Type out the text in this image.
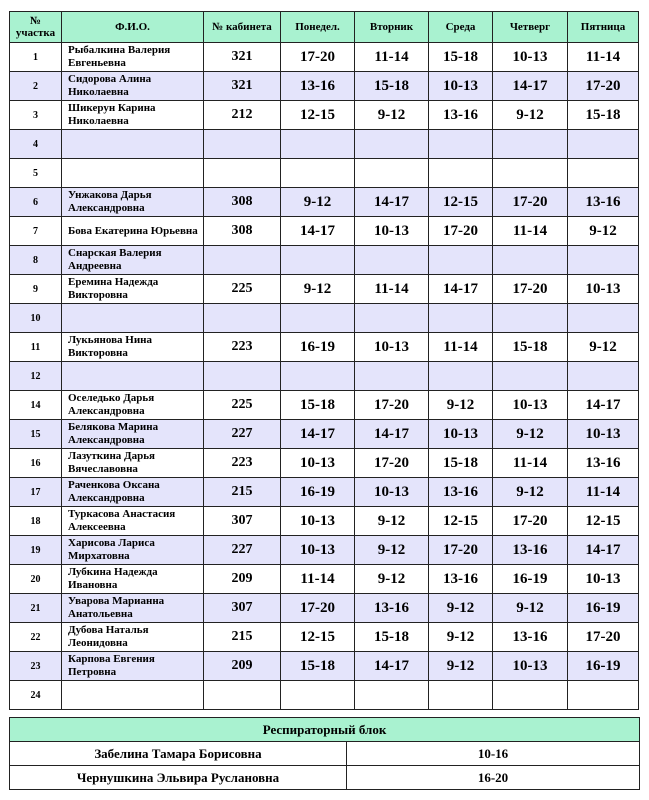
№ участка	Ф.И.О.	№ кабинета	Понедел.	Вторник	Среда	Четверг	Пятница
1	Рыбалкина Валерия Евгеньевна	321	17-20	11-14	15-18	10-13	11-14
2	Сидорова Алина Николаевна	321	13-16	15-18	10-13	14-17	17-20
3	Шикерун Карина Николаевна	212	12-15	9-12	13-16	9-12	15-18
4							
5							
6	Унжакова Дарья Александровна	308	9-12	14-17	12-15	17-20	13-16
7	Бова Екатерина Юрьевна	308	14-17	10-13	17-20	11-14	9-12
8	Снарская Валерия Андреевна						
9	Еремина Надежда Викторовна	225	9-12	11-14	14-17	17-20	10-13
10							
11	Лукьянова Нина Викторовна	223	16-19	10-13	11-14	15-18	9-12
12							
14	Оселедько Дарья Александровна	225	15-18	17-20	9-12	10-13	14-17
15	Белякова Марина Александровна	227	14-17	14-17	10-13	9-12	10-13
16	Лазуткина Дарья Вячеславовна	223	10-13	17-20	15-18	11-14	13-16
17	Раченкова Оксана Александровна	215	16-19	10-13	13-16	9-12	11-14
18	Туркасова Анастасия Алексеевна	307	10-13	9-12	12-15	17-20	12-15
19	Харисова Лариса Мирхатовна	227	10-13	9-12	17-20	13-16	14-17
20	Лубкина Надежда Ивановна	209	11-14	9-12	13-16	16-19	10-13
21	Уварова Марианна Анатольевна	307	17-20	13-16	9-12	9-12	16-19
22	Дубова Наталья Леонидовна	215	12-15	15-18	9-12	13-16	17-20
23	Карпова Евгения Петровна	209	15-18	14-17	9-12	10-13	16-19
24							
Респираторный блок	
Забелина Тамара Борисовна	10-16
Чернушкина Эльвира Руслановна	16-20
